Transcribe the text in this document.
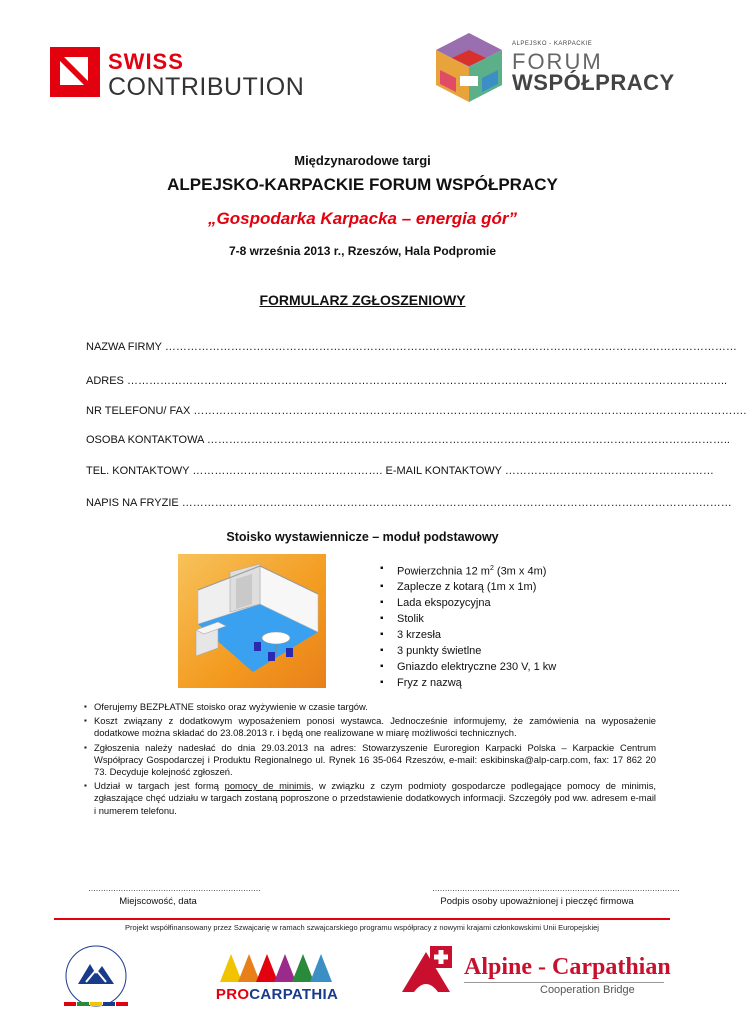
SWISS
CONTRIBUTION
ALPEJSKO - KARPACKIE
FORUM
WSPÓŁPRACY
Międzynarodowe targi
ALPEJSKO-KARPACKIE FORUM WSPÓŁPRACY
„Gospodarka Karpacka – energia gór”
7-8 września 2013 r., Rzeszów, Hala Podpromie
FORMULARZ ZGŁOSZENIOWY
NAZWA FIRMY …………………………………………………………………………………………………………………………………………
ADRES ………………………………………………………………………………………………………………………………………………..
NR TELEFONU/ FAX …………………………………………………………………………………………………………………………………….
OSOBA KONTAKTOWA ……………………………………………………………………………………………………………………………..
TEL. KONTAKTOWY ……………………………………………. E-MAIL KONTAKTOWY …………………………………………………
NAPIS NA FRYZIE ……………………………………………………………………………………………………………………………………
Stoisko wystawiennicze – moduł podstawowy
▪ Powierzchnia 12 $m^2$ (3m x 4m)
▪ Zaplecze z kotarą (1m x 1m)
▪ Lada ekspozycyjna
▪ Stolik
▪ 3 krzesła
▪ 3 punkty świetlne
▪ Gniazdo elektryczne 230 V, 1 kw
▪ Fryz z nazwą
▪ Oferujemy BEZPŁATNE stoisko oraz wyżywienie w czasie targów.
▪ Koszt związany z dodatkowym wyposażeniem ponosi wystawca. Jednocześnie informujemy, że zamówienia na wyposażenie dodatkowe można składać do 23.08.2013 r. i będą one realizowane w miarę możliwości technicznych.
▪ Zgłoszenia należy nadesłać do dnia 29.03.2013 na adres: Stowarzyszenie Euroregion Karpacki Polska – Karpackie Centrum Współpracy Gospodarczej i Produktu Regionalnego ul. Rynek 16 35-064 Rzeszów, e-mail: eskibinska@alp-carp.com, fax: 17 862 20 73. Decyduje kolejność zgłoszeń.
▪ Udział w targach jest formą pomocy de minimis, w związku z czym podmioty gospodarcze podlegające pomocy de minimis, zgłaszające chęć udziału w targach zostaną poproszone o przedstawienie dodatkowych informacji. Szczegóły pod ww. adresem e-mail i numerem telefonu.
……………………………………………………………
Miejscowość, data
………………………………………………………………………………………
Podpis osoby upoważnionej i pieczęć firmowa
Projekt współfinansowany przez Szwajcarię w ramach szwajcarskiego programu współpracy z nowymi krajami członkowskimi Unii Europejskiej
PROCARPATHIA
Alpine - Carpathian
Cooperation Bridge
